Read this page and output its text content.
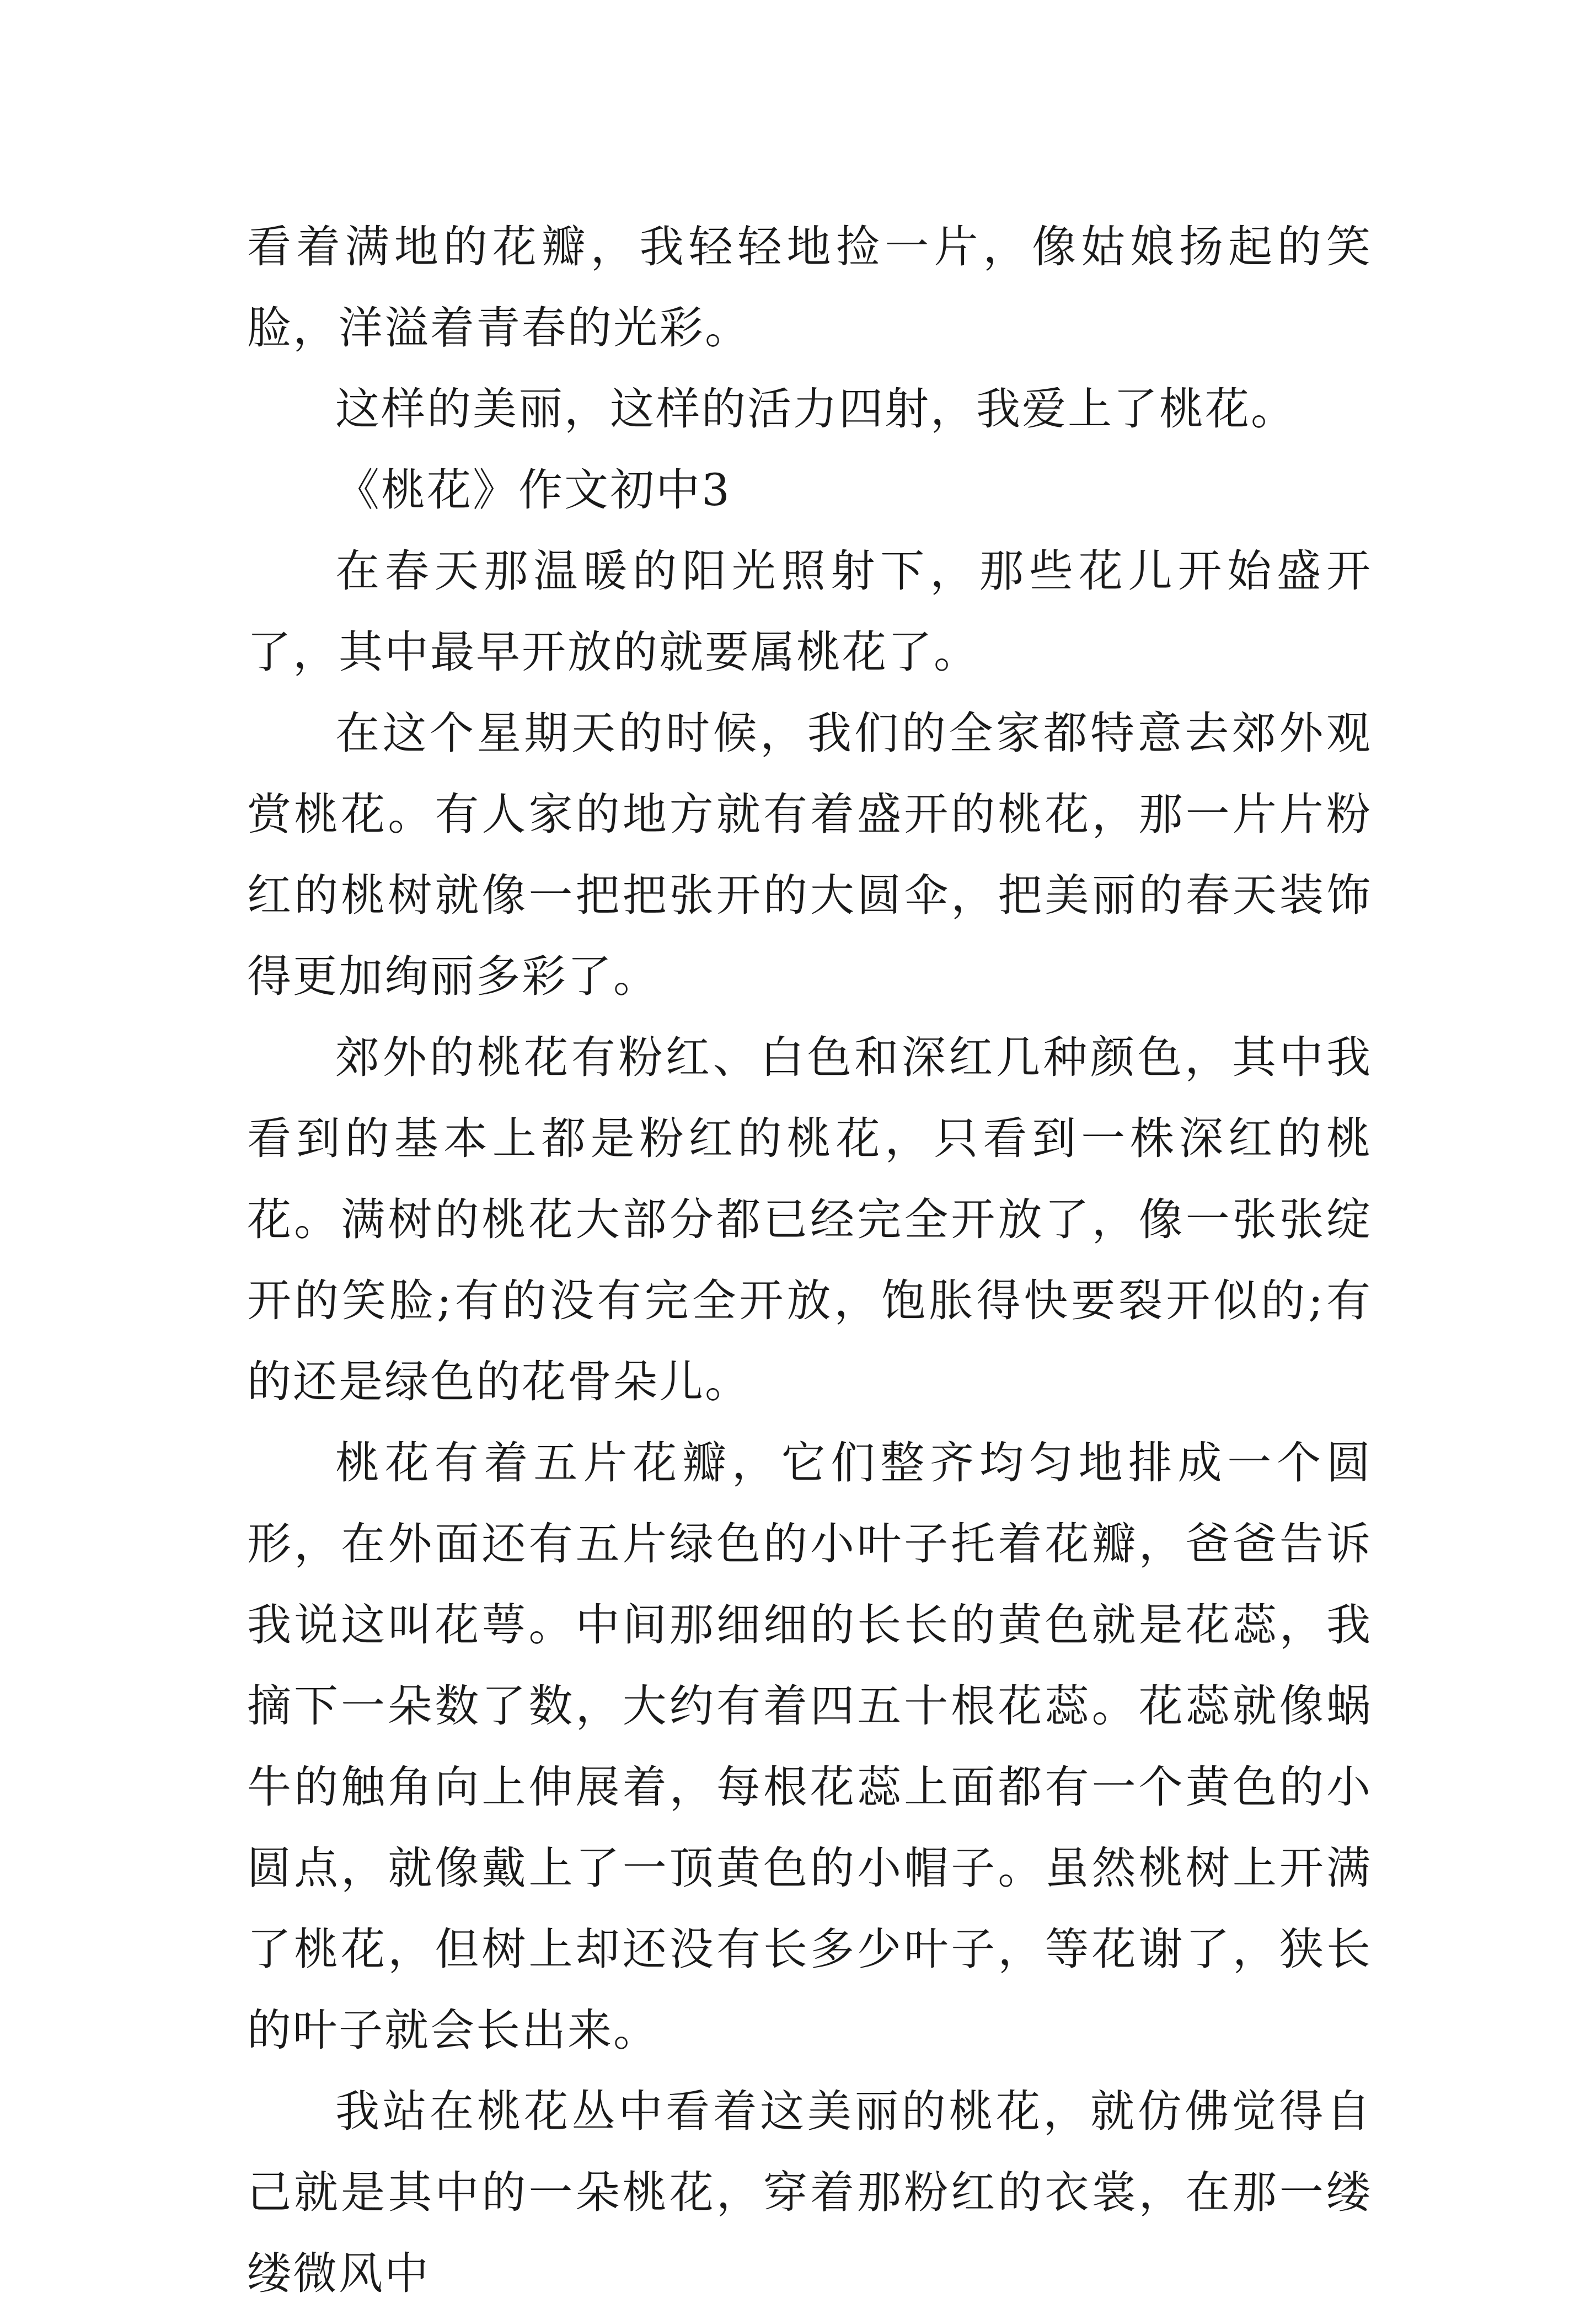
看着满地的花瓣，我轻轻地捡一片，像姑娘扬起的笑脸，洋溢着青春的光彩。

这样的美丽，这样的活力四射，我爱上了桃花。

《桃花》作文初中3

在春天那温暖的阳光照射下，那些花儿开始盛开了，其中最早开放的就要属桃花了。

在这个星期天的时候，我们的全家都特意去郊外观赏桃花。有人家的地方就有着盛开的桃花，那一片片粉红的桃树就像一把把张开的大圆伞，把美丽的春天装饰得更加绚丽多彩了。

郊外的桃花有粉红、白色和深红几种颜色，其中我看到的基本上都是粉红的桃花，只看到一株深红的桃花。满树的桃花大部分都已经完全开放了，像一张张绽开的笑脸;有的没有完全开放，饱胀得快要裂开似的;有的还是绿色的花骨朵儿。

桃花有着五片花瓣，它们整齐均匀地排成一个圆形，在外面还有五片绿色的小叶子托着花瓣，爸爸告诉我说这叫花萼。中间那细细的长长的黄色就是花蕊，我摘下一朵数了数，大约有着四五十根花蕊。花蕊就像蜗牛的触角向上伸展着，每根花蕊上面都有一个黄色的小圆点，就像戴上了一顶黄色的小帽子。虽然桃树上开满了桃花，但树上却还没有长多少叶子，等花谢了，狭长的叶子就会长出来。

我站在桃花丛中看着这美丽的桃花，就仿佛觉得自己就是其中的一朵桃花，穿着那粉红的衣裳，在那一缕缕微风中
